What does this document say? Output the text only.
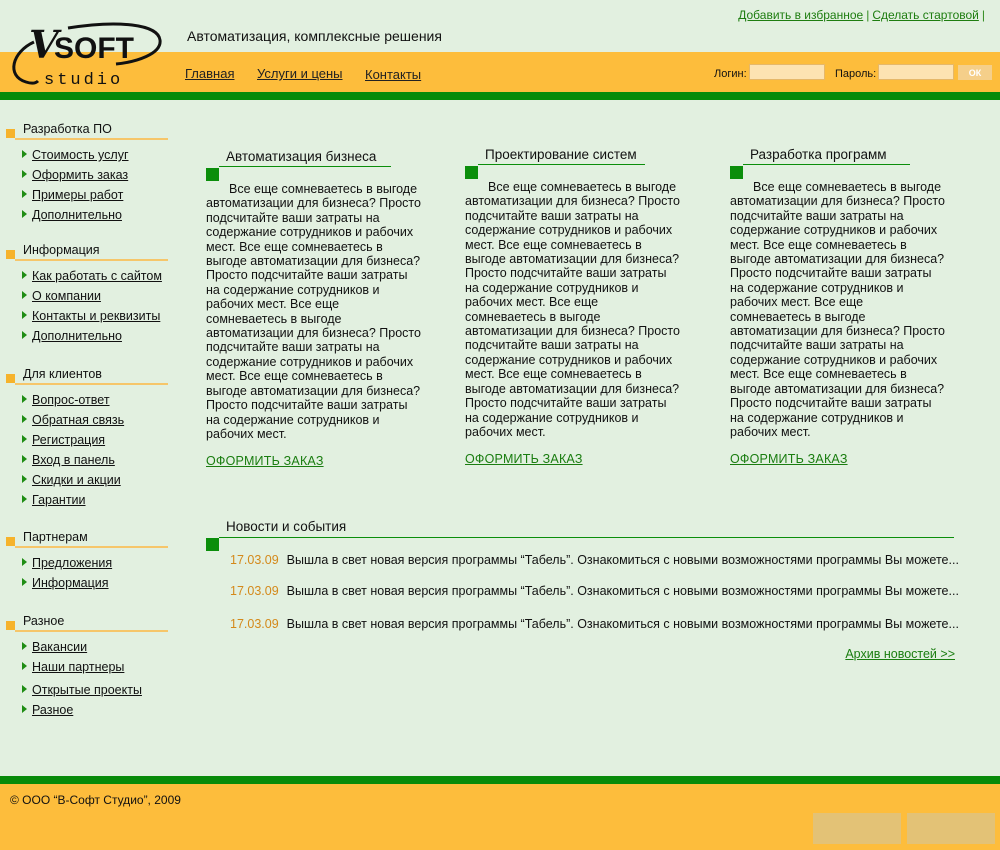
Добавить в избранное | Сделать стартовой |
V
SOFT
studio
Автоматизация, комплексные решения
Главная Услуги и цены Контакты	Логин:	Пароль:	ОК
Разработка ПО
Стоимость услуг
Оформить заказ
Примеры работ
Дополнительно
Информация
Как работать с сайтом
О компании
Контакты и реквизиты
Дополнительно
Для клиентов
Вопрос-ответ
Обратная связь
Регистрация
Вход в панель
Скидки и акции
Гарантии
Партнерам
Предложения
Информация
Разное
Вакансии
Наши партнеры
Открытые проекты
Разное
Автоматизация бизнеса

Все еще сомневаетесь в выгоде автоматизации для бизнеса? Просто подсчитайте ваши затраты на содержание сотрудников и рабочих мест. Все еще сомневаетесь в выгоде автоматизации для бизнеса? Просто подсчитайте ваши затраты на содержание сотрудников и рабочих мест. Все еще сомневаетесь в выгоде автоматизации для бизнеса? Просто подсчитайте ваши затраты на содержание сотрудников и рабочих мест. Все еще сомневаетесь в выгоде автоматизации для бизнеса? Просто подсчитайте ваши затраты на содержание сотрудников и рабочих мест.

ОФОРМИТЬ ЗАКАЗ
Проектирование систем

Все еще сомневаетесь в выгоде автоматизации для бизнеса? Просто подсчитайте ваши затраты на содержание сотрудников и рабочих мест. Все еще сомневаетесь в выгоде автоматизации для бизнеса? Просто подсчитайте ваши затраты на содержание сотрудников и рабочих мест. Все еще сомневаетесь в выгоде автоматизации для бизнеса? Просто подсчитайте ваши затраты на содержание сотрудников и рабочих мест. Все еще сомневаетесь в выгоде автоматизации для бизнеса? Просто подсчитайте ваши затраты на содержание сотрудников и рабочих мест.

ОФОРМИТЬ ЗАКАЗ
Разработка программ

Все еще сомневаетесь в выгоде автоматизации для бизнеса? Просто подсчитайте ваши затраты на содержание сотрудников и рабочих мест. Все еще сомневаетесь в выгоде автоматизации для бизнеса? Просто подсчитайте ваши затраты на содержание сотрудников и рабочих мест. Все еще сомневаетесь в выгоде автоматизации для бизнеса? Просто подсчитайте ваши затраты на содержание сотрудников и рабочих мест. Все еще сомневаетесь в выгоде автоматизации для бизнеса? Просто подсчитайте ваши затраты на содержание сотрудников и рабочих мест.

ОФОРМИТЬ ЗАКАЗ
Новости и события
17.03.09 Вышла в свет новая версия программы “Табель”. Ознакомиться с новыми возможностями программы Вы можете...
17.03.09 Вышла в свет новая версия программы “Табель”. Ознакомиться с новыми возможностями программы Вы можете...
17.03.09 Вышла в свет новая версия программы “Табель”. Ознакомиться с новыми возможностями программы Вы можете...
Архив новостей >>
© ООО “В-Софт Студио”, 2009
